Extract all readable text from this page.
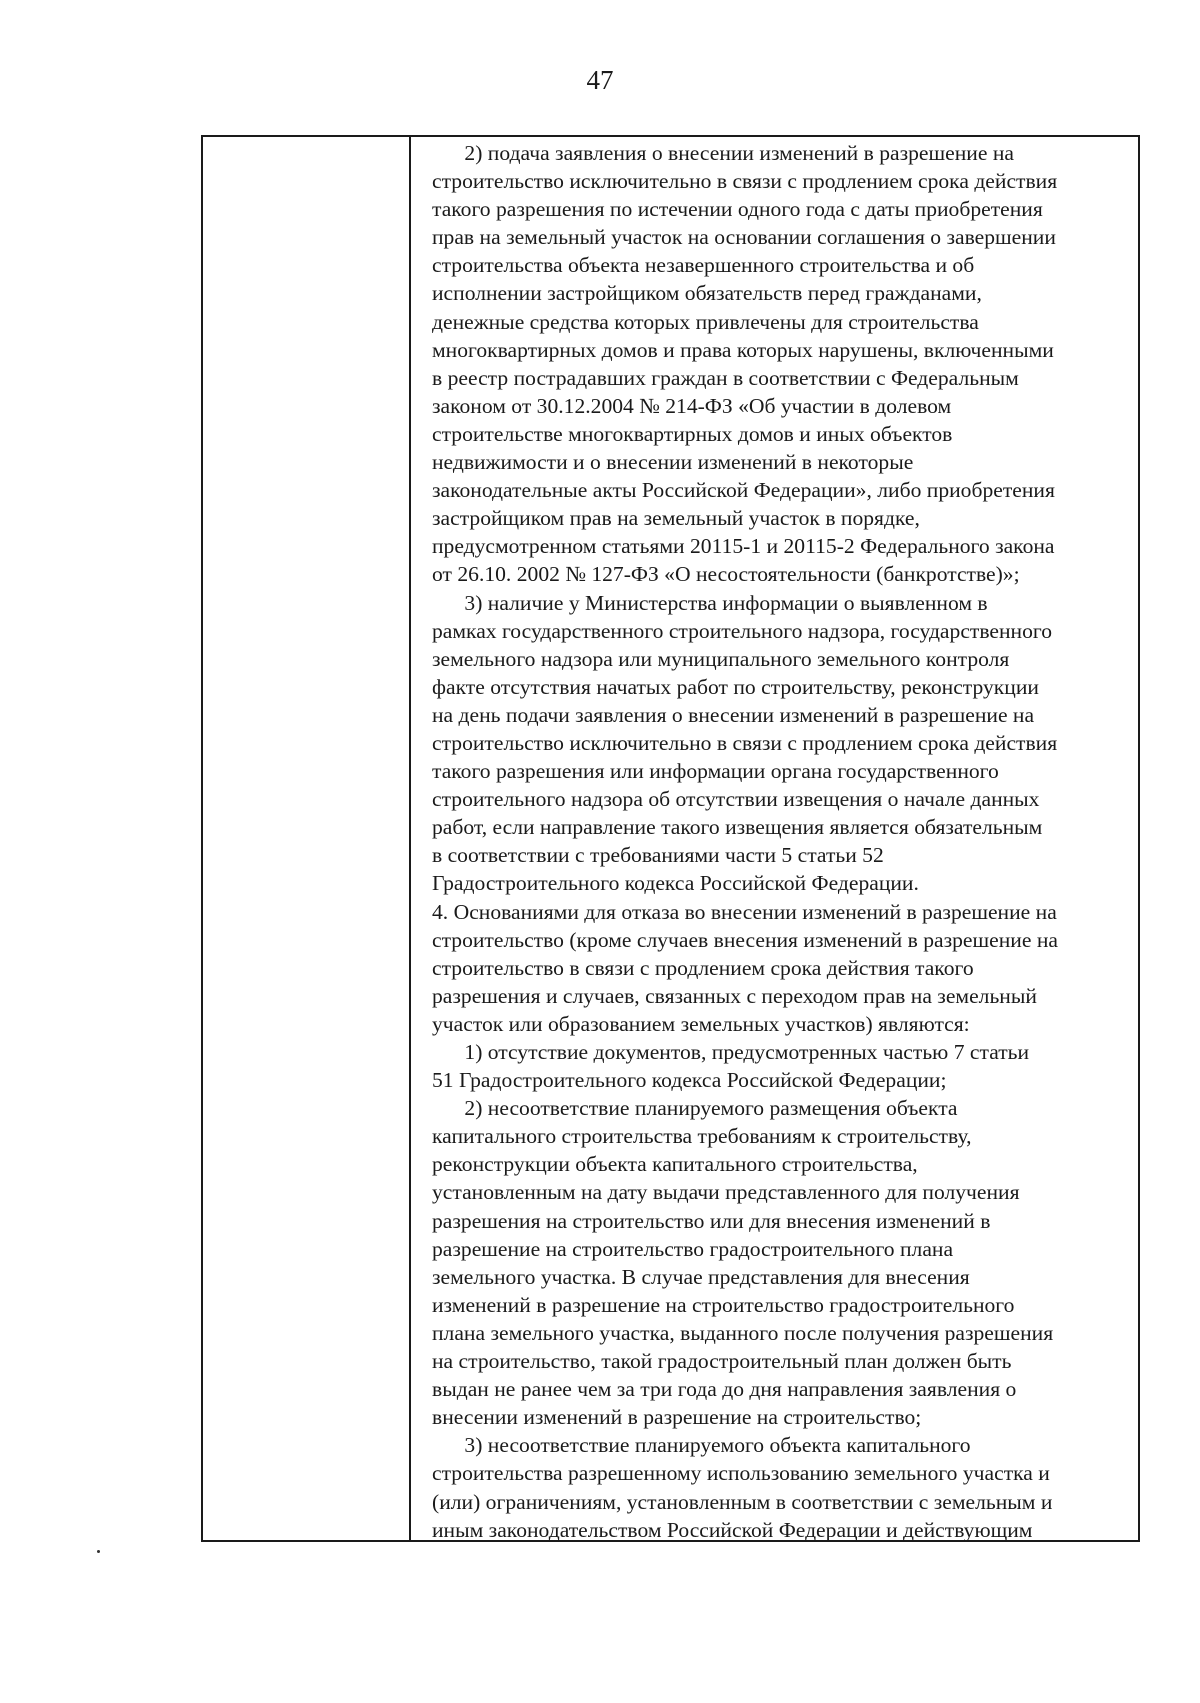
47
2) подача заявления о внесении изменений в разрешение на
строительство исключительно в связи с продлением срока действия
такого разрешения по истечении одного года с даты приобретения
прав на земельный участок на основании соглашения о завершении
строительства объекта незавершенного строительства и об
исполнении застройщиком обязательств перед гражданами,
денежные средства которых привлечены для строительства
многоквартирных домов и права которых нарушены, включенными
в реестр пострадавших граждан в соответствии с Федеральным
законом от 30.12.2004 № 214-ФЗ «Об участии в долевом
строительстве многоквартирных домов и иных объектов
недвижимости и о внесении изменений в некоторые
законодательные акты Российской Федерации», либо приобретения
застройщиком прав на земельный участок в порядке,
предусмотренном статьями 20115-1 и 20115-2 Федерального закона
от 26.10. 2002 № 127-ФЗ «О несостоятельности (банкротстве)»;
3) наличие у Министерства информации о выявленном в
рамках государственного строительного надзора, государственного
земельного надзора или муниципального земельного контроля
факте отсутствия начатых работ по строительству, реконструкции
на день подачи заявления о внесении изменений в разрешение на
строительство исключительно в связи с продлением срока действия
такого разрешения или информации органа государственного
строительного надзора об отсутствии извещения о начале данных
работ, если направление такого извещения является обязательным
в соответствии с требованиями части 5 статьи 52
Градостроительного кодекса Российской Федерации.
4. Основаниями для отказа во внесении изменений в разрешение на
строительство (кроме случаев внесения изменений в разрешение на
строительство в связи с продлением срока действия такого
разрешения и случаев, связанных с переходом прав на земельный
участок или образованием земельных участков) являются:
1) отсутствие документов, предусмотренных частью 7 статьи
51 Градостроительного кодекса Российской Федерации;
2) несоответствие планируемого размещения объекта
капитального строительства требованиям к строительству,
реконструкции объекта капитального строительства,
установленным на дату выдачи представленного для получения
разрешения на строительство или для внесения изменений в
разрешение на строительство градостроительного плана
земельного участка. В случае представления для внесения
изменений в разрешение на строительство градостроительного
плана земельного участка, выданного после получения разрешения
на строительство, такой градостроительный план должен быть
выдан не ранее чем за три года до дня направления заявления о
внесении изменений в разрешение на строительство;
3) несоответствие планируемого объекта капитального
строительства разрешенному использованию земельного участка и
(или) ограничениям, установленным в соответствии с земельным и
иным законодательством Российской Федерации и действующим
